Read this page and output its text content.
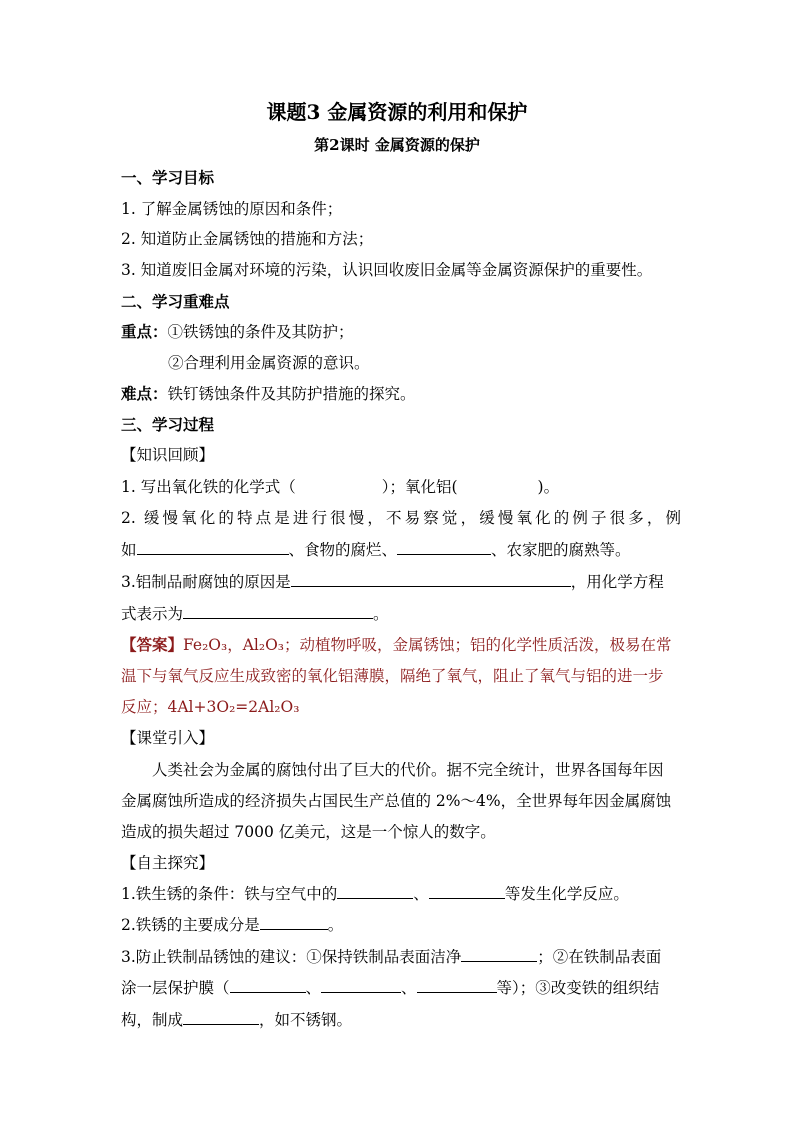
课题3 金属资源的利用和保护
第2课时 金属资源的保护
一、学习目标
1. 了解金属锈蚀的原因和条件；
2. 知道防止金属锈蚀的措施和方法；
3. 知道废旧金属对环境的污染，认识回收废旧金属等金属资源保护的重要性。
二、学习重难点
重点：①铁锈蚀的条件及其防护；
②合理利用金属资源的意识。
难点：铁钉锈蚀条件及其防护措施的探究。
三、学习过程
【知识回顾】
1. 写出氧化铁的化学式（	）；氧化铝(	)。
2. 缓慢氧化的特点是进行很慢，不易察觉，缓慢氧化的例子很多，例
如	、食物的腐烂、	、农家肥的腐熟等。
3.铝制品耐腐蚀的原因是	，用化学方程
式表示为	。
【答案】Fe₂O₃，Al₂O₃；动植物呼吸，金属锈蚀；铝的化学性质活泼，极易在常
温下与氧气反应生成致密的氧化铝薄膜，隔绝了氧气，阻止了氧气与铝的进一步
反应；4Al+3O₂=2Al₂O₃
【课堂引入】
人类社会为金属的腐蚀付出了巨大的代价。据不完全统计，世界各国每年因
金属腐蚀所造成的经济损失占国民生产总值的 2%～4%，全世界每年因金属腐蚀
造成的损失超过 7000 亿美元，这是一个惊人的数字。
【自主探究】
1.铁生锈的条件：铁与空气中的	、	等发生化学反应。
2.铁锈的主要成分是	。
3.防止铁制品锈蚀的建议：①保持铁制品表面洁净	；②在铁制品表面
涂一层保护膜（	、	、	等）；③改变铁的组织结
构，制成	，如不锈钢。
